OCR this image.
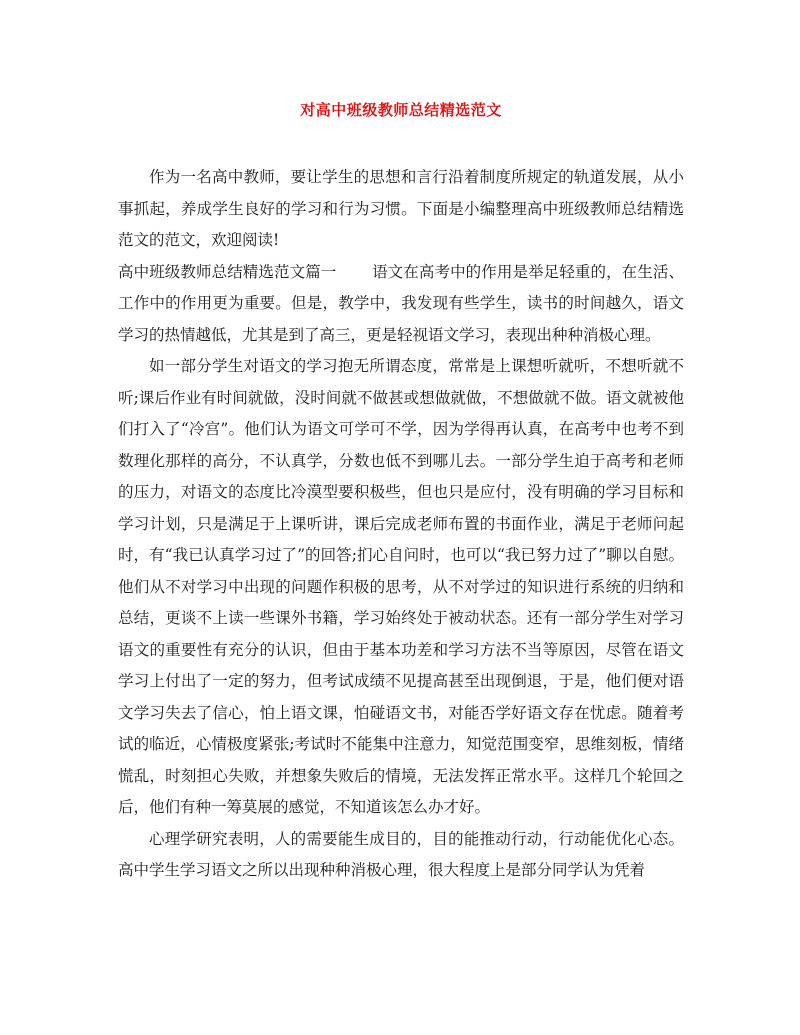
对高中班级教师总结精选范文

作为一名高中教师，要让学生的思想和言行沿着制度所规定的轨道发展，从小事抓起，养成学生良好的学习和行为习惯。下面是小编整理高中班级教师总结精选范文的范文，欢迎阅读!

高中班级教师总结精选范文篇一 语文在高考中的作用是举足轻重的，在生活、工作中的作用更为重要。但是，教学中，我发现有些学生，读书的时间越久，语文学习的热情越低，尤其是到了高三，更是轻视语文学习，表现出种种消极心理。

如一部分学生对语文的学习抱无所谓态度，常常是上课想听就听，不想听就不听;课后作业有时间就做，没时间就不做甚或想做就做，不想做就不做。语文就被他们打入了“冷宫”。他们认为语文可学可不学，因为学得再认真，在高考中也考不到数理化那样的高分，不认真学，分数也低不到哪儿去。一部分学生迫于高考和老师的压力，对语文的态度比冷漠型要积极些，但也只是应付，没有明确的学习目标和学习计划，只是满足于上课听讲，课后完成老师布置的书面作业，满足于老师问起时，有“我已认真学习过了”的回答;扪心自问时，也可以“我已努力过了”聊以自慰。他们从不对学习中出现的问题作积极的思考，从不对学过的知识进行系统的归纳和总结，更谈不上读一些课外书籍，学习始终处于被动状态。还有一部分学生对学习语文的重要性有充分的认识，但由于基本功差和学习方法不当等原因，尽管在语文学习上付出了一定的努力，但考试成绩不见提高甚至出现倒退，于是，他们便对语文学习失去了信心，怕上语文课，怕碰语文书，对能否学好语文存在忧虑。随着考试的临近，心情极度紧张;考试时不能集中注意力，知觉范围变窄，思维刻板，情绪慌乱，时刻担心失败，并想象失败后的情境，无法发挥正常水平。这样几个轮回之后，他们有种一筹莫展的感觉，不知道该怎么办才好。

心理学研究表明，人的需要能生成目的，目的能推动行动，行动能优化心态。高中学生学习语文之所以出现种种消极心理，很大程度上是部分同学认为凭着
